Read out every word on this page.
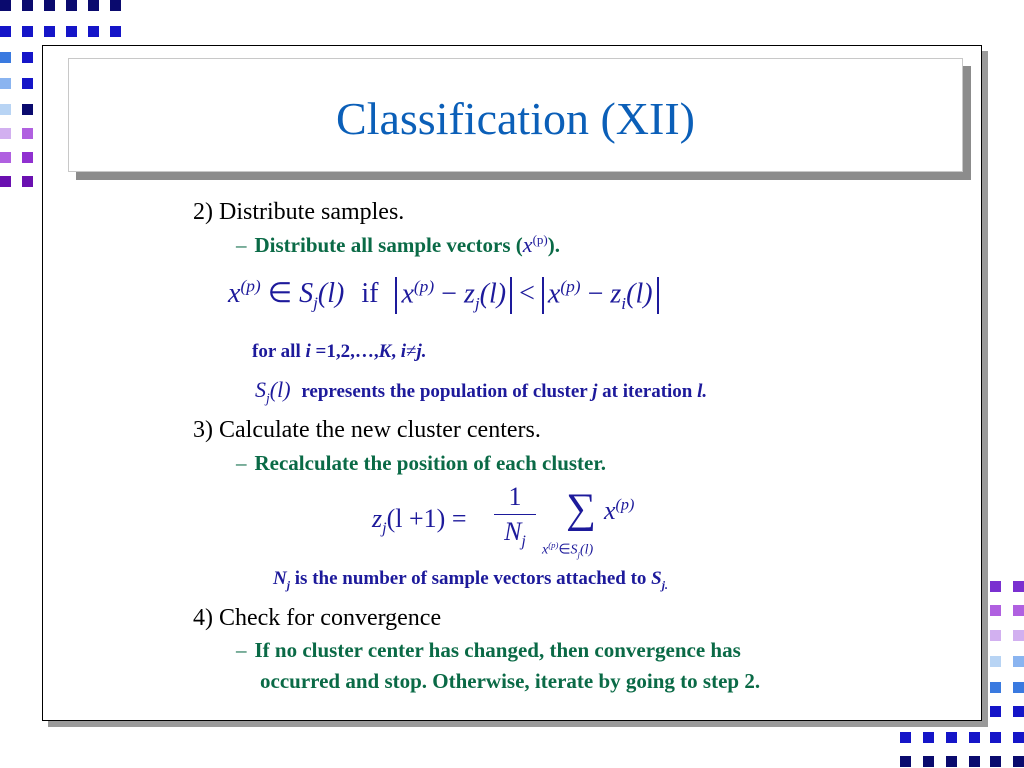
Classification (XII)
2) Distribute samples.
– Distribute all sample vectors $(x^{(p)})$.
$x^{(p)}$ ∈ $S_j(l)$ if $x^{(p)} - z_j(l) < x^{(p)} - z_i(l)$
for all i =1,2,…,K, i≠j.
$S_j(l)$ represents the population of cluster j at iteration l.
3) Calculate the new cluster centers.
– Recalculate the position of each cluster.
$z_j(l +1)$ =
1
$N_j$
∑ $x^{(p)}$
$x^{(p)}\in S_j(l)$
$N_j$ is the number of sample vectors attached to $S_{j.}$
4) Check for convergence
– If no cluster center has changed, then convergence has
occurred and stop. Otherwise, iterate by going to step 2.
